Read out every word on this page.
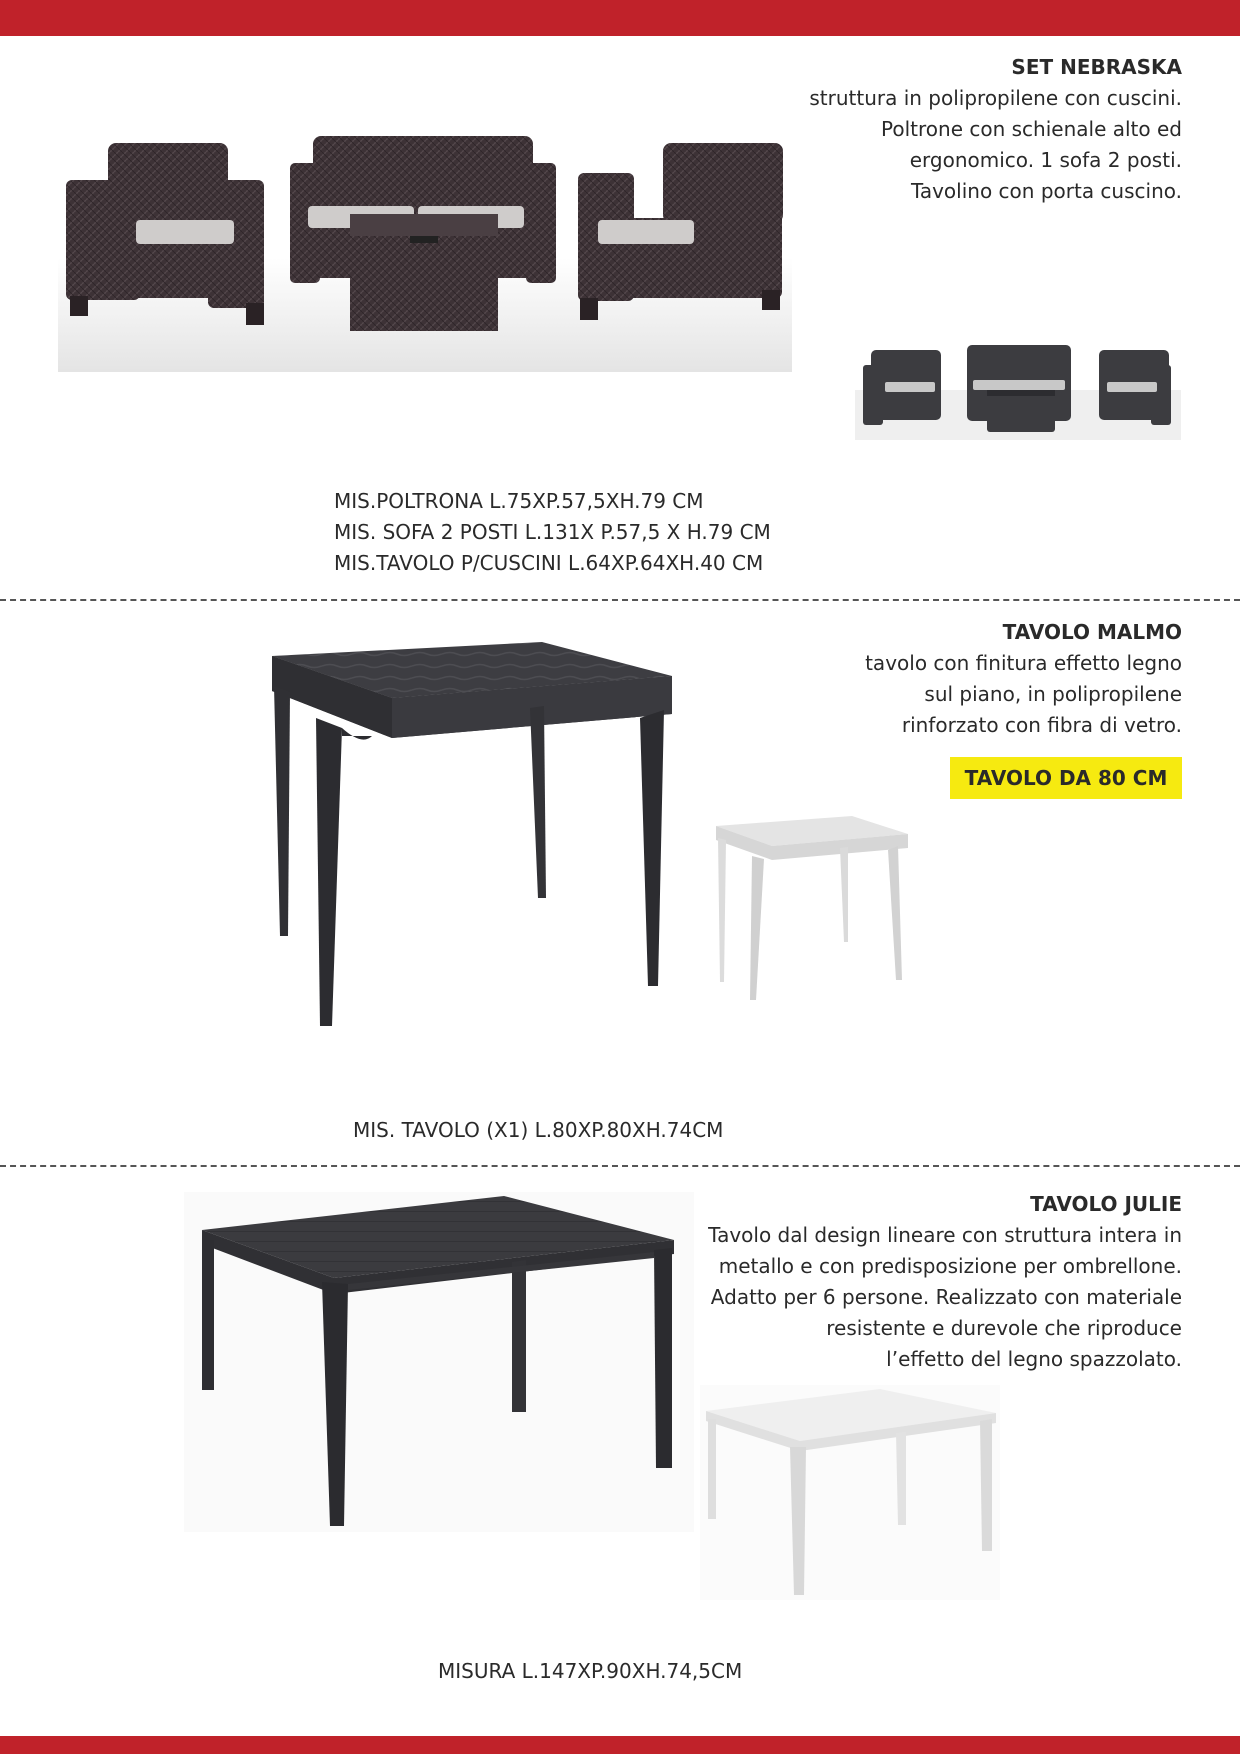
SET NEBRASKA
struttura in polipropilene con cuscini.
Poltrone con schienale alto ed
ergonomico. 1 sofa 2 posti.
Tavolino con porta cuscino.
MIS.POLTRONA L.75XP.57,5XH.79 CM
MIS. SOFA 2 POSTI L.131X P.57,5 X H.79 CM
MIS.TAVOLO P/CUSCINI L.64XP.64XH.40 CM
TAVOLO MALMO
tavolo con finitura effetto legno
sul piano, in polipropilene
rinforzato con fibra di vetro.
TAVOLO DA 80 CM
MIS. TAVOLO (X1) L.80XP.80XH.74CM
TAVOLO JULIE
Tavolo dal design lineare con struttura intera in
metallo e con predisposizione per ombrellone.
Adatto per 6 persone. Realizzato con materiale
resistente e durevole che riproduce
l’effetto del legno spazzolato.
MISURA L.147XP.90XH.74,5CM
